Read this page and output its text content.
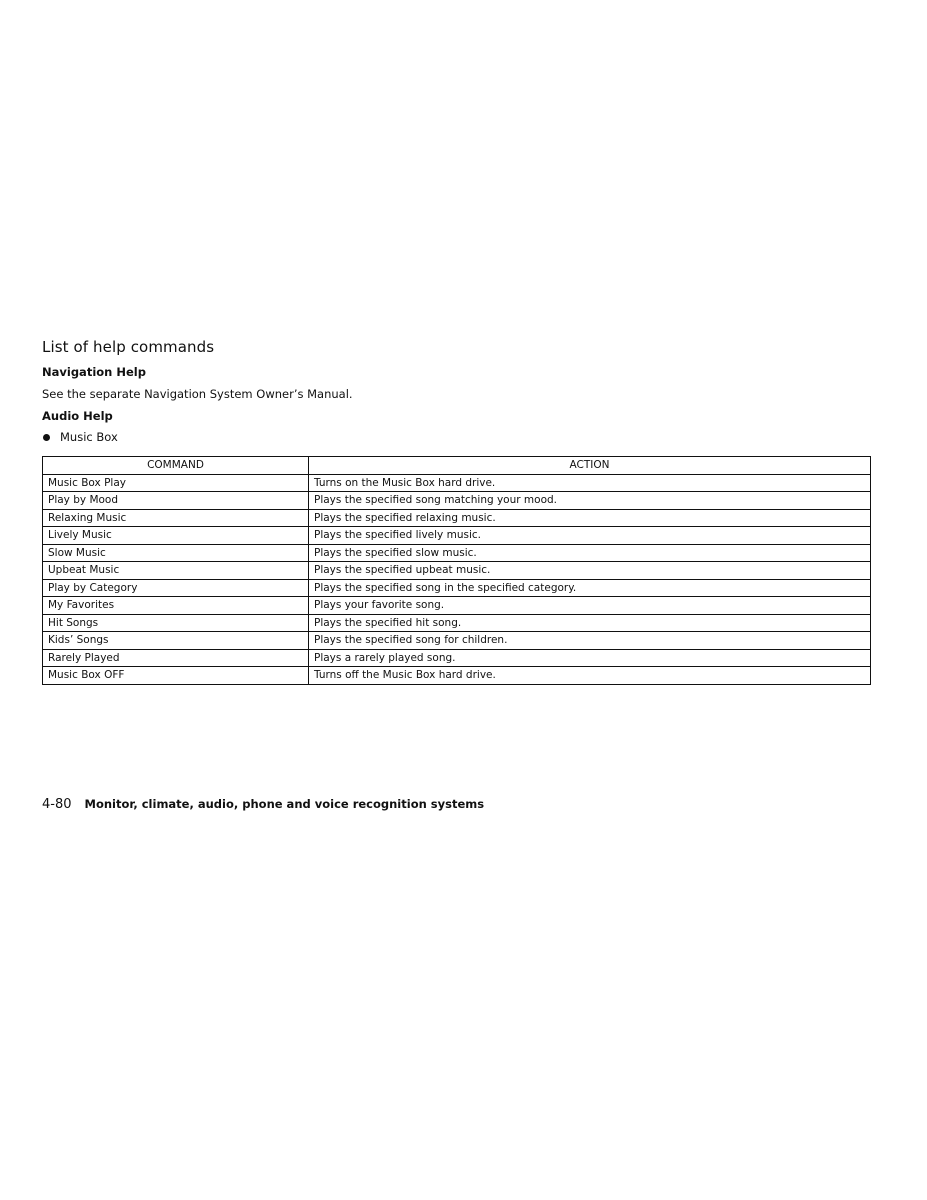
List of help commands
Navigation Help

See the separate Navigation System Owner’s Manual.

Audio Help
Music Box
COMMAND	ACTION
Music Box Play	Turns on the Music Box hard drive.
Play by Mood	Plays the specified song matching your mood.
Relaxing Music	Plays the specified relaxing music.
Lively Music	Plays the specified lively music.
Slow Music	Plays the specified slow music.
Upbeat Music	Plays the specified upbeat music.
Play by Category	Plays the specified song in the specified category.
My Favorites	Plays your favorite song.
Hit Songs	Plays the specified hit song.
Kids’ Songs	Plays the specified song for children.
Rarely Played	Plays a rarely played song.
Music Box OFF	Turns off the Music Box hard drive.
4-80 Monitor, climate, audio, phone and voice recognition systems
